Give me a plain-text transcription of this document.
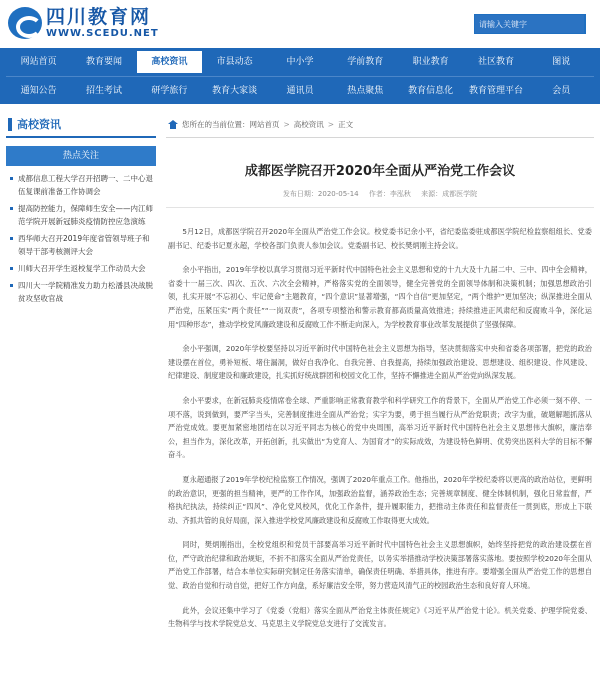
四川教育网
WWW.SCEDU.NET
请输入关键字
网站首页	教育要闻	高校资讯	市县动态	中小学	学前教育	职业教育	社区教育	图说
通知公告	招生考试	研学旅行	教育大家谈	通讯员	热点聚焦	教育信息化	教育管理平台	会员
高校资讯
热点关注
成都信息工程大学召开招聘一、二中心退伍复课前准备工作协调会
提高防控能力，保障师生安全——内江师范学院开展新冠肺炎疫情防控应急演练
西华师大召开2019年度省管领导班子和领导干部考核测评大会
川师大召开学生返校复学工作动员大会
四川大一学院精准发力助力松潘县决战脱贫攻坚收官战
您所在的当前位置： 网站首页 > 高校资讯 > 正文
成都医学院召开2020年全面从严治党工作会议
发布日期：2020-05-14 作者：李泓秋 来源：成都医学院

5月12日，成都医学院召开2020年全面从严治党工作会议。校党委书记余小平，省纪委监委驻成都医学院纪检监察组组长、党委副书记、纪委书记夏永超，学校各部门负责人参加会议。党委副书记、校长樊炳刚主持会议。

余小平指出，2019年学校以真学习贯彻习近平新时代中国特色社会主义思想和党的十九大及十九届二中、三中、四中全会精神，省委十一届三次、四次、五次、六次全会精神，严格落实党的全面领导，健全完善党的全面领导体制和决策机制；加强思想政治引领，扎实开展“不忘初心、牢记使命”主题教育，“四个意识”显著增强，“四个自信”更加坚定，“两个维护”更加坚决；纵深推进全面从严治党，压紧压实“两个责任”“一岗双责”，各项专项整治和警示教育都高质量高效推进；持续推进正风肃纪和反腐败斗争，深化运用“四种形态”，推动学校党风廉政建设和反腐败工作不断走向深入，为学校教育事业改革发展提供了坚强保障。

余小平强调，2020年学校要坚持以习近平新时代中国特色社会主义思想为指导，坚决贯彻落实中央和省委各项部署，把党的政治建设摆在首位，勇补短板、堵住漏洞，做好自我净化、自我完善、自我提高，持续加强政治建设、思想建设、组织建设、作风建设、纪律建设、制度建设和廉政建设，扎实抓好统战群团和校园文化工作，坚持不懈推进全面从严治党向纵深发展。

余小平要求，在新冠肺炎疫情席卷全球、严重影响正常教育教学和科学研究工作的背景下，全面从严治党工作必须一刻不停、一项不落，说到做到，要严字当头，完善制度推进全面从严治党；实字为要，勇于担当履行从严治党职责；改字为重，破题解题抓落从严治党成效。要更加紧密地团结在以习近平同志为核心的党中央周围，高举习近平新时代中国特色社会主义思想伟大旗帜，廉洁奉公，担当作为，深化改革，开拓创新，扎实做出“为党育人、为国育才”的实际成效，为建设特色鲜明、优势突出医科大学的目标不懈奋斗。

夏永超通报了2019年学校纪检监察工作情况，强调了2020年重点工作。他指出，2020年学校纪委将以更高的政治站位，更鲜明的政治意识，更强的担当精神，更严的工作作风，加强政治监督，涵养政治生态；完善规章制度、健全体制机制，强化日常监督，严格执纪执法，持续纠正“四风”、净化党风校风，优化工作条件，提升履职能力，把推动主体责任和监督责任一贯到底，形成上下联动、齐抓共管的良好局面，深入推进学校党风廉政建设和反腐败工作取得更大成效。

同时，樊炳刚指出，全校党组织和党员干部要高举习近平新时代中国特色社会主义思想旗帜，始终坚持把党的政治建设摆在首位，严守政治纪律和政治规矩，不折不扣落实全面从严治党责任，以务实举措推动学校决策部署落实落地。要按照学校2020年全面从严治党工作部署，结合本单位实际研究制定任务落实清单，确保责任明确、举措具体，推进有序。要增强全面从严治党工作的思想自觉、政治自觉和行动自觉，把好工作方向盘，系好廉洁安全带，努力营造风清气正的校园政治生态和良好育人环境。

此外，会议还集中学习了《党委（党组）落实全面从严治党主体责任规定》《习近平从严治党十论》。机关党委、护理学院党委、生物科学与技术学院党总支、马克思主义学院党总支进行了交流发言。
